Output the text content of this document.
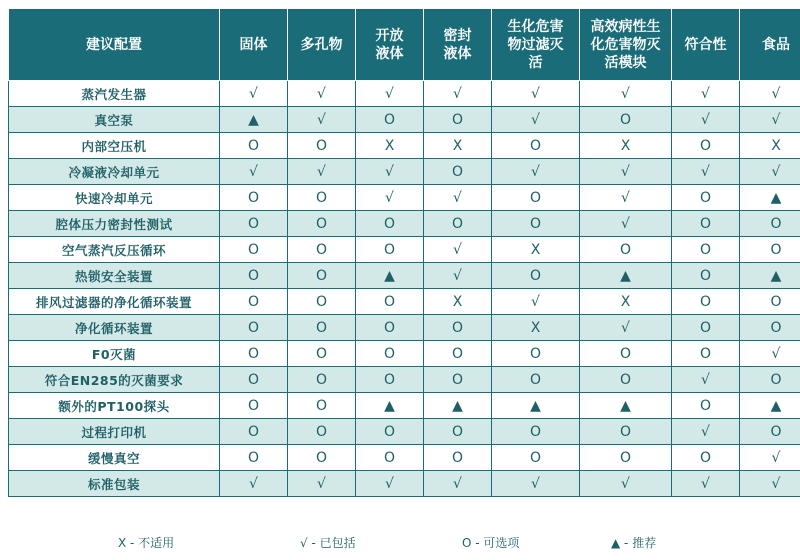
建议配置	固体	多孔物	开放
液体	密封
液体	生化危害
物过滤灭
活	高效病性生
化危害物灭
活模块	符合性	食品
蒸汽发生器	√	√	√	√	√	√	√	√
真空泵	▲	√	O	O	√	O	√	√
内部空压机	O	O	X	X	O	X	O	X
冷凝液冷却单元	√	√	√	O	√	√	√	√
快速冷却单元	O	O	√	√	O	√	O	▲
腔体压力密封性测试	O	O	O	O	O	√	O	O
空气蒸汽反压循环	O	O	O	√	X	O	O	O
热锁安全装置	O	O	▲	√	O	▲	O	▲
排风过滤器的净化循环装置	O	O	O	X	√	X	O	O
净化循环装置	O	O	O	O	X	√	O	O
F0灭菌	O	O	O	O	O	O	O	√
符合EN285的灭菌要求	O	O	O	O	O	O	√	O
额外的PT100探头	O	O	▲	▲	▲	▲	O	▲
过程打印机	O	O	O	O	O	O	√	O
缓慢真空	O	O	O	O	O	O	O	√
标准包装	√	√	√	√	√	√	√	√
X - 不适用	√ - 已包括	O - 可选项	▲ - 推荐
